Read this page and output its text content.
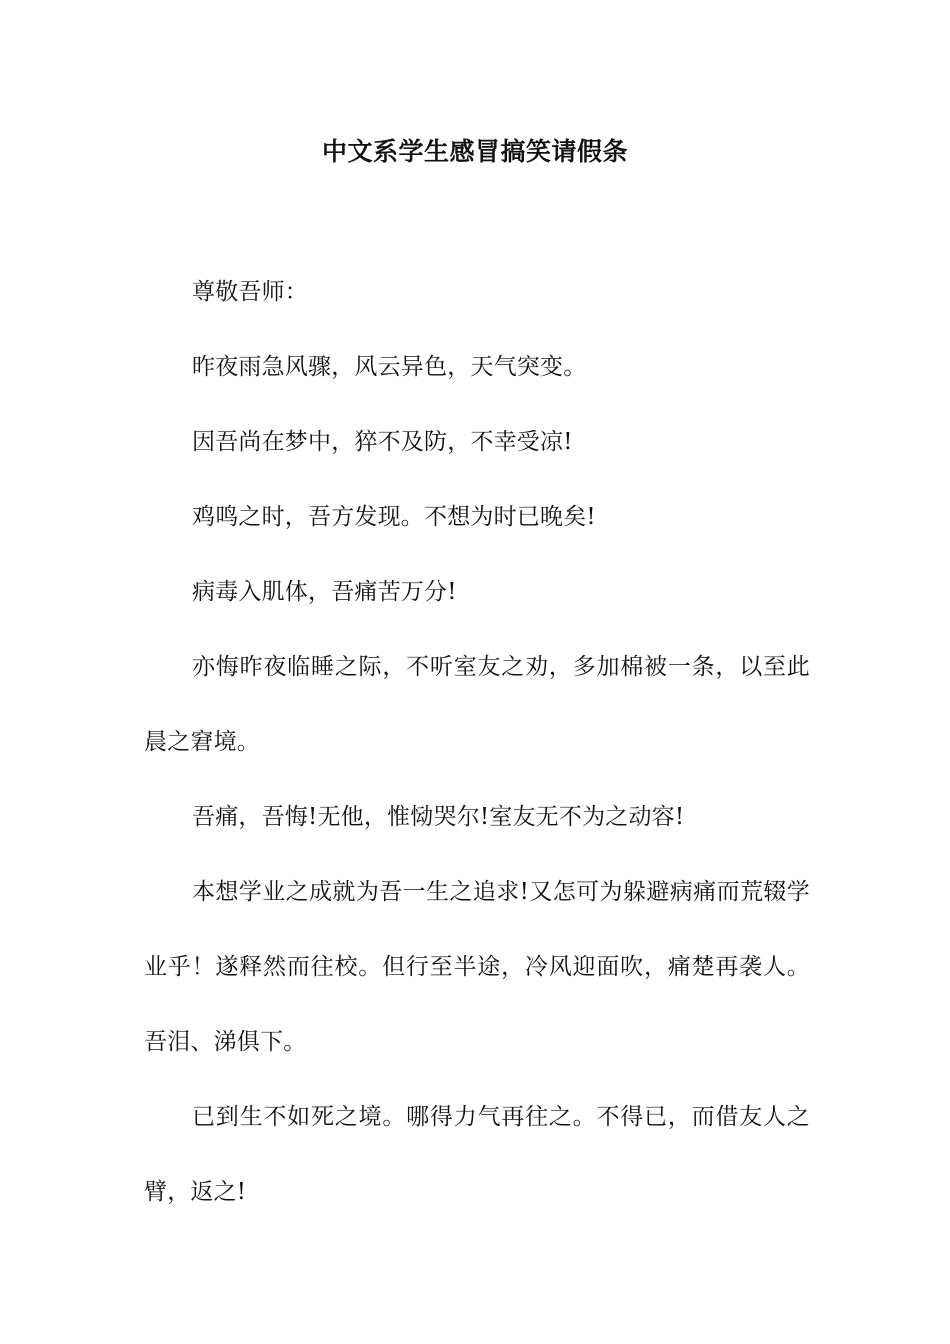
中文系学生感冒搞笑请假条

尊敬吾师：

昨夜雨急风骤，风云异色，天气突变。

因吾尚在梦中，猝不及防，不幸受凉!

鸡鸣之时，吾方发现。不想为时已晚矣!

病毒入肌体，吾痛苦万分!

亦悔昨夜临睡之际，不听室友之劝，多加棉被一条，以至此晨之窘境。

吾痛，吾悔!无他，惟恸哭尔!室友无不为之动容!

本想学业之成就为吾一生之追求!又怎可为躲避病痛而荒辍学业乎！遂释然而往校。但行至半途，冷风迎面吹，痛楚再袭人。吾泪、涕俱下。

已到生不如死之境。哪得力气再往之。不得已，而借友人之臂，返之!
